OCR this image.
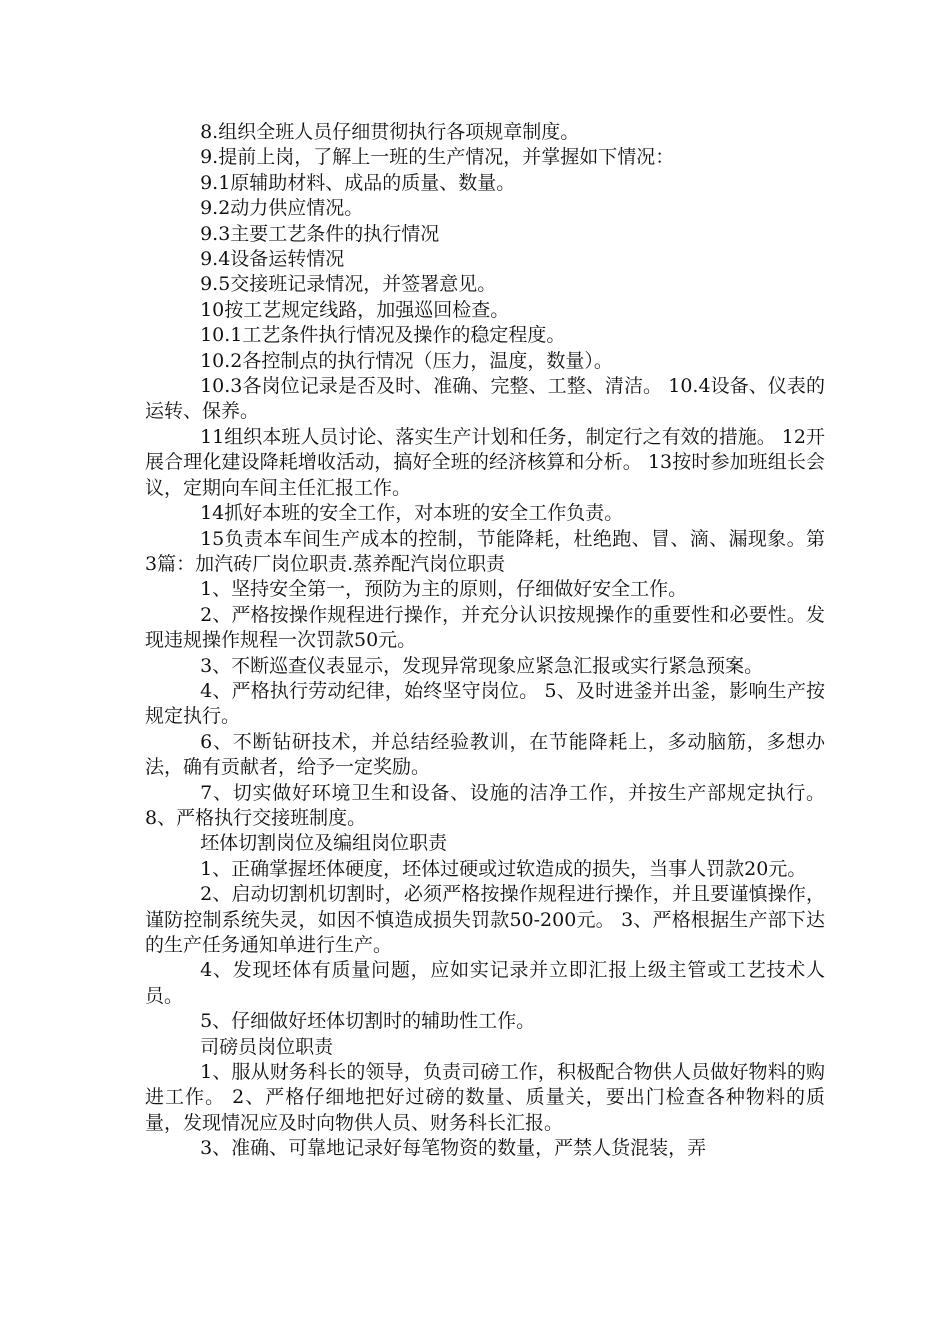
8.组织全班人员仔细贯彻执行各项规章制度。

9.提前上岗，了解上一班的生产情况，并掌握如下情况：

9.1原辅助材料、成品的质量、数量。

9.2动力供应情况。

9.3主要工艺条件的执行情况

9.4设备运转情况

9.5交接班记录情况，并签署意见。

10按工艺规定线路，加强巡回检查。

10.1工艺条件执行情况及操作的稳定程度。

10.2各控制点的执行情况（压力，温度，数量）。

10.3各岗位记录是否及时、准确、完整、工整、清洁。 10.4设备、仪表的运转、保养。

11组织本班人员讨论、落实生产计划和任务，制定行之有效的措施。 12开展合理化建设降耗增收活动，搞好全班的经济核算和分析。 13按时参加班组长会议，定期向车间主任汇报工作。

14抓好本班的安全工作，对本班的安全工作负责。

15负责本车间生产成本的控制，节能降耗，杜绝跑、冒、滴、漏现象。第3篇：加汽砖厂岗位职责.蒸养配汽岗位职责

1、坚持安全第一，预防为主的原则，仔细做好安全工作。

2、严格按操作规程进行操作，并充分认识按规操作的重要性和必要性。发现违规操作规程一次罚款50元。

3、不断巡查仪表显示，发现异常现象应紧急汇报或实行紧急预案。

4、严格执行劳动纪律，始终坚守岗位。 5、及时进釜并出釜，影响生产按规定执行。

6、不断钻研技术，并总结经验教训，在节能降耗上，多动脑筋，多想办法，确有贡献者，给予一定奖励。

7、切实做好环境卫生和设备、设施的洁净工作，并按生产部规定执行。 8、严格执行交接班制度。

坯体切割岗位及编组岗位职责

1、正确掌握坯体硬度，坯体过硬或过软造成的损失，当事人罚款20元。

2、启动切割机切割时，必须严格按操作规程进行操作，并且要谨慎操作，谨防控制系统失灵，如因不慎造成损失罚款50-200元。 3、严格根据生产部下达的生产任务通知单进行生产。

4、发现坯体有质量问题，应如实记录并立即汇报上级主管或工艺技术人员。

5、仔细做好坯体切割时的辅助性工作。

司磅员岗位职责

1、服从财务科长的领导，负责司磅工作，积极配合物供人员做好物料的购进工作。 2、严格仔细地把好过磅的数量、质量关，要出门检查各种物料的质量，发现情况应及时向物供人员、财务科长汇报。

3、准确、可靠地记录好每笔物资的数量，严禁人货混装，弄
